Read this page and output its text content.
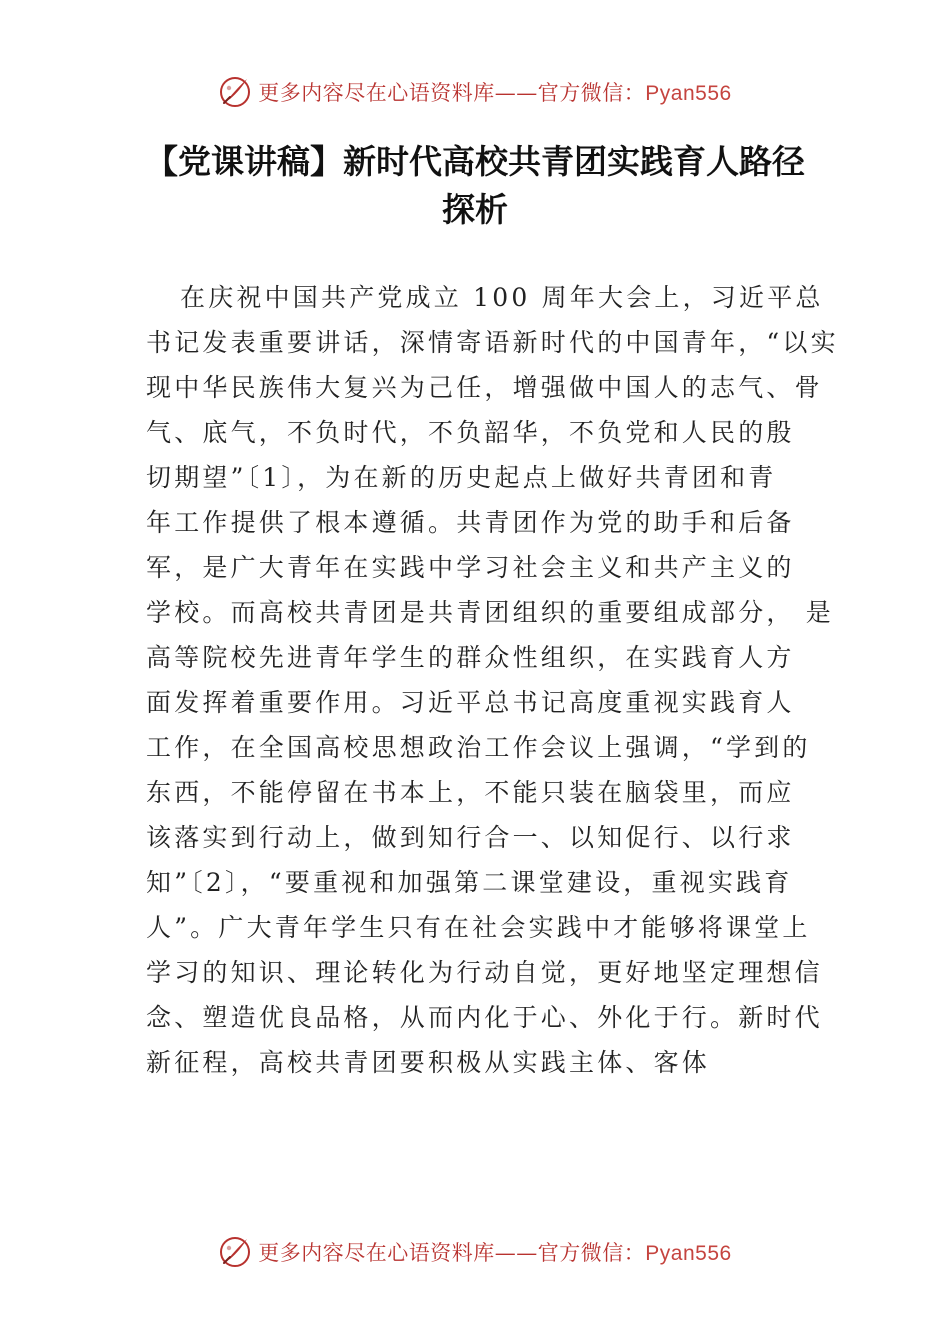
更多内容尽在心语资料库——官方微信：Pyan556
【党课讲稿】新时代高校共青团实践育人路径
探析
在庆祝中国共产党成立 100 周年大会上，习近平总
书记发表重要讲话，深情寄语新时代的中国青年，“以实
现中华民族伟大复兴为己任，增强做中国人的志气、骨
气、底气，不负时代，不负韶华，不负党和人民的殷
切期望”〔1〕，为在新的历史起点上做好共青团和青
年工作提供了根本遵循。共青团作为党的助手和后备
军，是广大青年在实践中学习社会主义和共产主义的
学校。而高校共青团是共青团组织的重要组成部分， 是
高等院校先进青年学生的群众性组织，在实践育人方
面发挥着重要作用。习近平总书记高度重视实践育人
工作，在全国高校思想政治工作会议上强调，“学到的
东西，不能停留在书本上，不能只装在脑袋里，而应
该落实到行动上，做到知行合一、以知促行、以行求
知”〔2〕，“要重视和加强第二课堂建设，重视实践育
人”。广大青年学生只有在社会实践中才能够将课堂上
学习的知识、理论转化为行动自觉，更好地坚定理想信
念、塑造优良品格，从而内化于心、外化于行。新时代
新征程，高校共青团要积极从实践主体、客体
更多内容尽在心语资料库——官方微信：Pyan556
